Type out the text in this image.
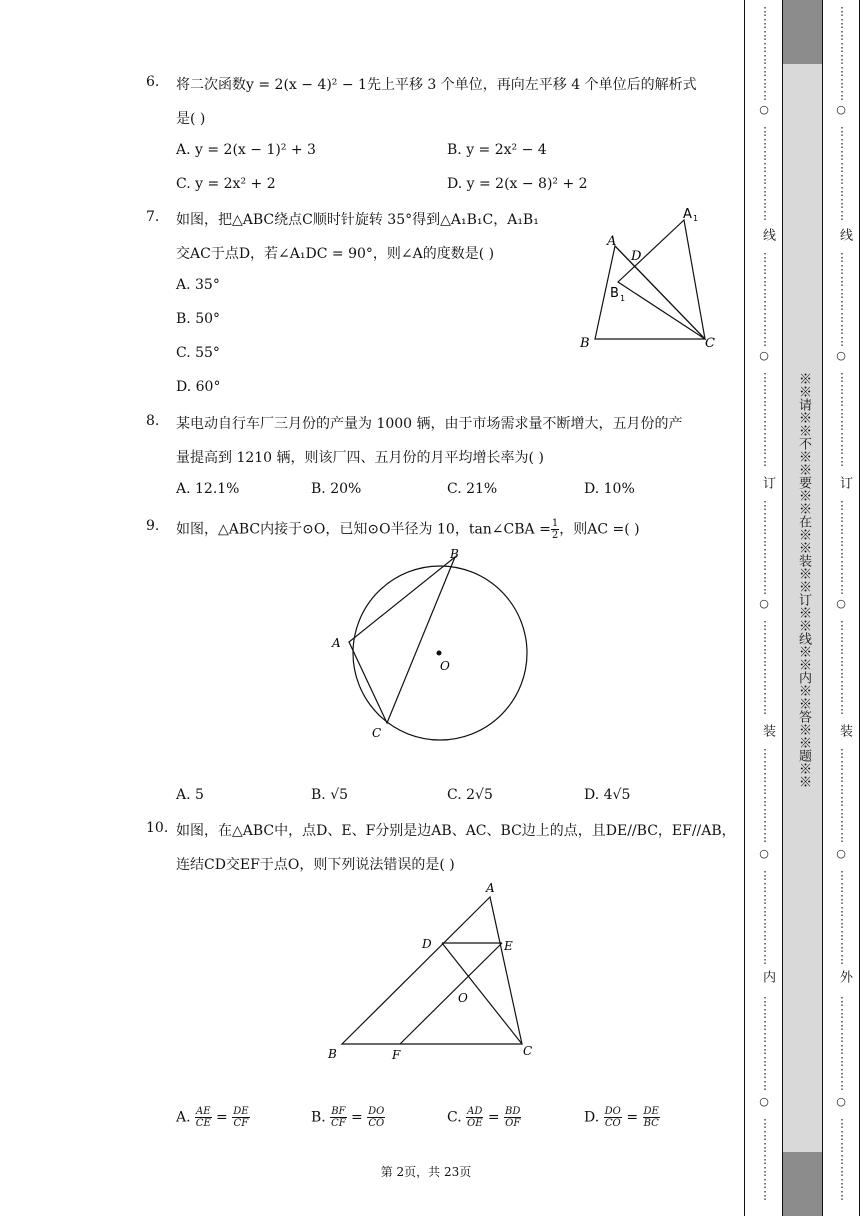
6. 将二次函数y = 2(x − 4)² − 1先上平移 3 个单位，再向左平移 4 个单位后的解析式
是( )
A. y = 2(x − 1)² + 3	B. y = 2x² − 4
C. y = 2x² + 2	D. y = 2(x − 8)² + 2
7. 如图，把△ABC绕点C顺时针旋转 35°得到△A₁B₁C，A₁B₁
交AC于点D，若∠A₁DC = 90°，则∠A的度数是( )
A. 35°
B. 50°
C. 55°
D. 60°
A
D
A 1
B 1
B	C
8. 某电动自行车厂三月份的产量为 1000 辆，由于市场需求量不断增大，五月份的产
量提高到 1210 辆，则该厂四、五月份的月平均增长率为( )
A. 12.1%	B. 20%	C. 21%	D. 10%
9. 如图，△ABC内接于⊙O，已知⊙O半径为 10，tan∠CBA = $\frac{1}{2}$ ，则AC =( )
A
B
C
O
A. 5	B. √5	C. 2√5	D. 4√5
10. 如图，在△ABC中，点D、E、F分别是边AB、AC、BC边上的点，且DE//BC，EF//AB，
连结CD交EF于点O，则下列说法错误的是( )
A
D	E
O
B	F	C
A. $\frac{AE}{CE} = \frac{DE}{CF}$	B. $\frac{BF}{CF} = \frac{DO}{CO}$	C. $\frac{AD}{OE} = \frac{BD}{OF}$	D. $\frac{DO}{CO} = \frac{DE}{BC}$
第 2页，共 23页
※※请※※不※※要※※在※※装※※订※※线※※内※※答※※题※※
⋮
⋮
⋮
⋮
⋮
⋮
⋮
⋮
○
⋮
⋮
⋮
⋮
⋮
⋮
⋮
⋮
线
⋮
⋮
⋮
⋮
⋮
⋮
⋮
⋮
○
⋮
⋮
⋮
⋮
⋮
⋮
⋮
⋮
订
⋮
⋮
⋮
⋮
⋮
⋮
⋮
⋮
○
⋮
⋮
⋮
⋮
⋮
⋮
⋮
⋮
装
⋮
⋮
⋮
⋮
⋮
⋮
⋮
⋮
○
⋮
⋮
⋮
⋮
⋮
⋮
⋮
⋮
内
⋮
⋮
⋮
⋮
⋮
⋮
⋮
⋮
○
⋮
⋮
⋮
⋮
⋮
⋮
⋮
⋮
⋮
⋮
⋮
⋮
⋮
⋮
⋮
○
⋮
⋮
⋮
⋮
⋮
⋮
⋮
⋮
线
⋮
⋮
⋮
⋮
⋮
⋮
⋮
⋮
○
⋮
⋮
⋮
⋮
⋮
⋮
⋮
⋮
订
⋮
⋮
⋮
⋮
⋮
⋮
⋮
⋮
○
⋮
⋮
⋮
⋮
⋮
⋮
⋮
⋮
装
⋮
⋮
⋮
⋮
⋮
⋮
⋮
⋮
○
⋮
⋮
⋮
⋮
⋮
⋮
⋮
⋮
外
⋮
⋮
⋮
⋮
⋮
⋮
⋮
⋮
○
⋮
⋮
⋮
⋮
⋮
⋮
⋮
